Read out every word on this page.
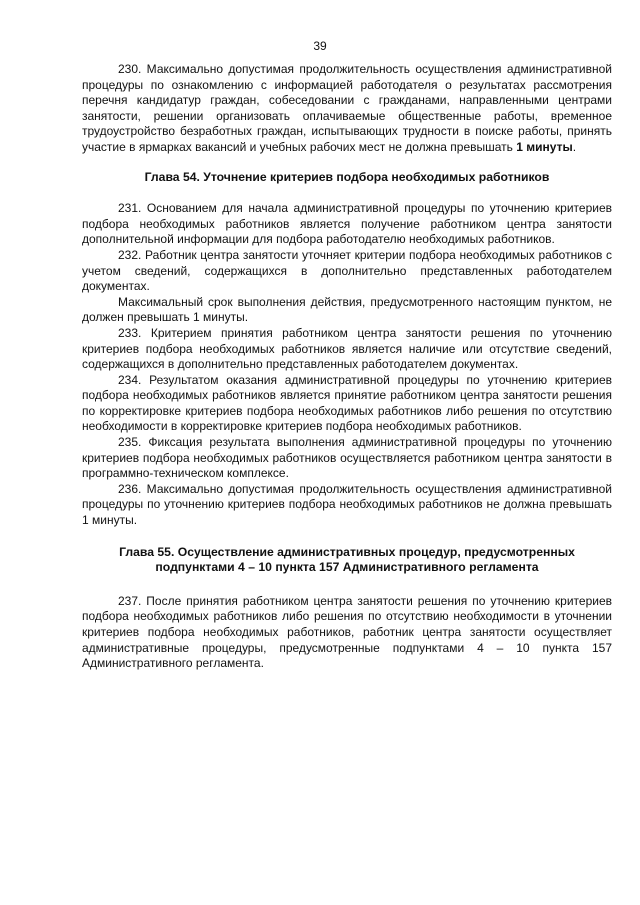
39

230. Максимально допустимая продолжительность осуществления административной процедуры по ознакомлению с информацией работодателя о результатах рассмотрения перечня кандидатур граждан, собеседовании с гражданами, направленными центрами занятости, решении организовать оплачиваемые общественные работы, временное трудоустройство безработных граждан, испытывающих трудности в поиске работы, принять участие в ярмарках вакансий и учебных рабочих мест не должна превышать 1 минуты.

Глава 54. Уточнение критериев подбора необходимых работников

231. Основанием для начала административной процедуры по уточнению критериев подбора необходимых работников является получение работником центра занятости дополнительной информации для подбора работодателю необходимых работников.

232. Работник центра занятости уточняет критерии подбора необходимых работников с учетом сведений, содержащихся в дополнительно представленных работодателем документах.

Максимальный срок выполнения действия, предусмотренного настоящим пунктом, не должен превышать 1 минуты.

233. Критерием принятия работником центра занятости решения по уточнению критериев подбора необходимых работников является наличие или отсутствие сведений, содержащихся в дополнительно представленных работодателем документах.

234. Результатом оказания административной процедуры по уточнению критериев подбора необходимых работников является принятие работником центра занятости решения по корректировке критериев подбора необходимых работников либо решения по отсутствию необходимости в корректировке критериев подбора необходимых работников.

235. Фиксация результата выполнения административной процедуры по уточнению критериев подбора необходимых работников осуществляется работником центра занятости в программно-техническом комплексе.

236. Максимально допустимая продолжительность осуществления административной процедуры по уточнению критериев подбора необходимых работников не должна превышать 1 минуты.

Глава 55. Осуществление административных процедур, предусмотренных
подпунктами 4 – 10 пункта 157 Административного регламента

237. После принятия работником центра занятости решения по уточнению критериев подбора необходимых работников либо решения по отсутствию необходимости в уточнении критериев подбора необходимых работников, работник центра занятости осуществляет административные процедуры, предусмотренные подпунктами 4 – 10 пункта 157 Административного регламента.
